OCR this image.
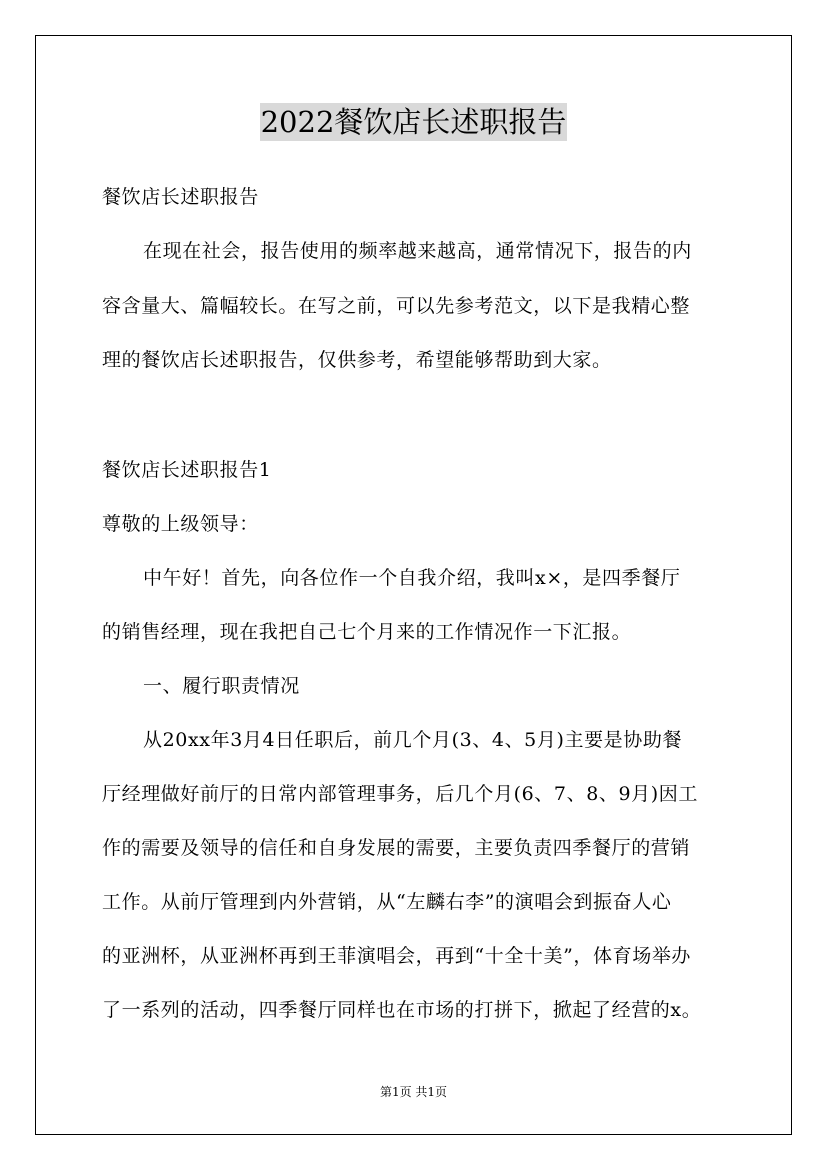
2022餐饮店长述职报告
餐饮店长述职报告
在现在社会，报告使用的频率越来越高，通常情况下，报告的内
容含量大、篇幅较长。在写之前，可以先参考范文，以下是我精心整
理的餐饮店长述职报告，仅供参考，希望能够帮助到大家。
餐饮店长述职报告1
尊敬的上级领导：
中午好！首先，向各位作一个自我介绍，我叫x×，是四季餐厅
的销售经理，现在我把自己七个月来的工作情况作一下汇报。
一、履行职责情况
从20xx年3月4日任职后，前几个月(3、4、5月)主要是协助餐
厅经理做好前厅的日常内部管理事务，后几个月(6、7、8、9月)因工
作的需要及领导的信任和自身发展的需要，主要负责四季餐厅的营销
工作。从前厅管理到内外营销，从“左麟右李”的演唱会到振奋人心
的亚洲杯，从亚洲杯再到王菲演唱会，再到“十全十美”，体育场举办
了一系列的活动，四季餐厅同样也在市场的打拼下，掀起了经营的x。
第1页 共1页
